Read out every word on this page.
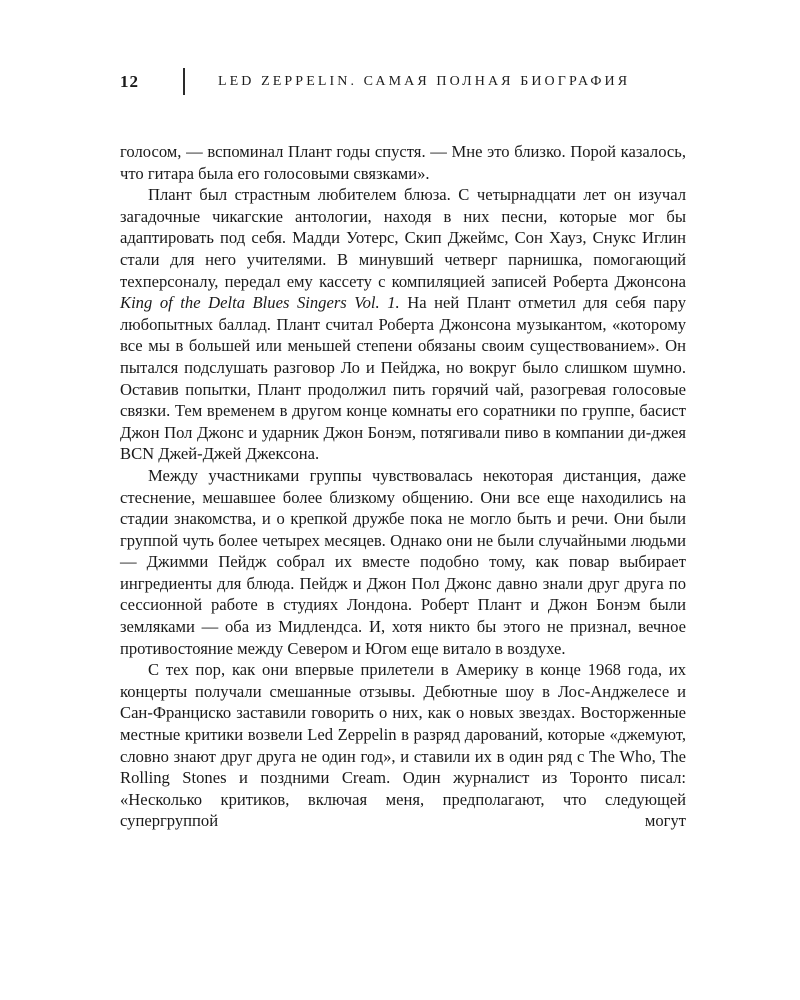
12	LED ZEPPELIN. САМАЯ ПОЛНАЯ БИОГРАФИЯ

голосом, — вспоминал Плант годы спустя. — Мне это близко. Порой казалось, что гитара была его голосовыми связками».

Плант был страстным любителем блюза. С четырнадцати лет он изучал загадочные чикагские антологии, находя в них песни, которые мог бы адаптировать под себя. Мадди Уотерс, Скип Джеймс, Сон Хауз, Снукс Иглин стали для него учителями. В минувший четверг парнишка, помогающий техперсоналу, передал ему кассету с компиляцией записей Роберта Джонсона King of the Delta Blues Singers Vol. 1. На ней Плант отметил для себя пару любопытных баллад. Плант считал Роберта Джонсона музыкантом, «которому все мы в большей или меньшей степени обязаны своим существованием». Он пытался подслушать разговор Ло и Пейджа, но вокруг было слишком шумно. Оставив попытки, Плант продолжил пить горячий чай, разогревая голосовые связки. Тем временем в другом конце комнаты его соратники по группе, басист Джон Пол Джонс и ударник Джон Бонэм, потягивали пиво в компании ди-джея BCN Джей-Джей Джексона.

Между участниками группы чувствовалась некоторая дистанция, даже стеснение, мешавшее более близкому общению. Они все еще находились на стадии знакомства, и о крепкой дружбе пока не могло быть и речи. Они были группой чуть более четырех месяцев. Однако они не были случайными людьми — Джимми Пейдж собрал их вместе подобно тому, как повар выбирает ингредиенты для блюда. Пейдж и Джон Пол Джонс давно знали друг друга по сессионной работе в студиях Лондона. Роберт Плант и Джон Бонэм были земляками — оба из Мидлендса. И, хотя никто бы этого не признал, вечное противостояние между Севером и Югом еще витало в воздухе.

С тех пор, как они впервые прилетели в Америку в конце 1968 года, их концерты получали смешанные отзывы. Дебютные шоу в Лос-Анджелесе и Сан-Франциско заставили говорить о них, как о новых звездах. Восторженные местные критики возвели Led Zeppelin в разряд дарований, которые «джемуют, словно знают друг друга не один год», и ставили их в один ряд с The Who, The Rolling Stones и поздними Cream. Один журналист из Торонто писал: «Несколько критиков, включая меня, предполагают, что следующей супергруппой могут
